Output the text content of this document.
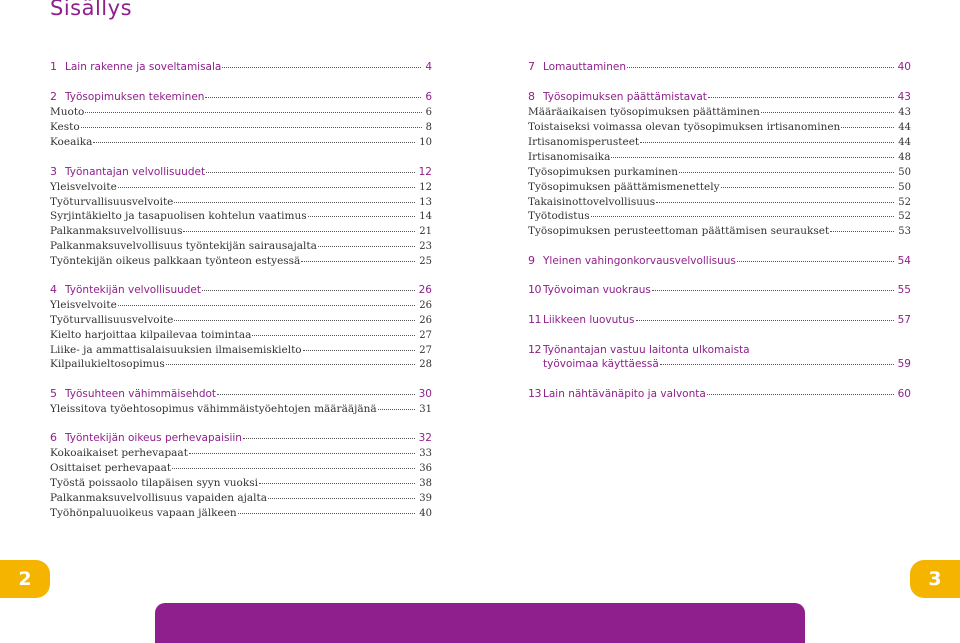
Sisällys
1 Lain rakenne ja soveltamisala	4
2 Työsopimuksen tekeminen	6
Muoto	6
Kesto	8
Koeaika	10
3 Työnantajan velvollisuudet	12
Yleisvelvoite	12
Työturvallisuusvelvoite	13
Syrjintäkielto ja tasapuolisen kohtelun vaatimus	14
Palkanmaksuvelvollisuus	21
Palkanmaksuvelvollisuus työntekijän sairausajalta	23
Työntekijän oikeus palkkaan työnteon estyessä	25
4 Työntekijän velvollisuudet	26
Yleisvelvoite	26
Työturvallisuusvelvoite	26
Kielto harjoittaa kilpailevaa toimintaa	27
Liike- ja ammattisalaisuuksien ilmaisemiskielto	27
Kilpailukieltosopimus	28
5 Työsuhteen vähimmäisehdot	30
Yleissitova työehtosopimus vähimmäistyöehtojen määrääjänä	31
6 Työntekijän oikeus perhevapaisiin	32
Kokoaikaiset perhevapaat	33
Osittaiset perhevapaat	36
Työstä poissaolo tilapäisen syyn vuoksi	38
Palkanmaksuvelvollisuus vapaiden ajalta	39
Työhönpaluuoikeus vapaan jälkeen	40
7 Lomauttaminen	40
8 Työsopimuksen päättämistavat	43
Määräaikaisen työsopimuksen päättäminen	43
Toistaiseksi voimassa olevan työsopimuksen irtisanominen	44
Irtisanomisperusteet	44
Irtisanomisaika	48
Työsopimuksen purkaminen	50
Työsopimuksen päättämismenettely	50
Takaisinottovelvollisuus	52
Työtodistus	52
Työsopimuksen perusteettoman päättämisen seuraukset	53
9 Yleinen vahingonkorvausvelvollisuus	54
10 Työvoiman vuokraus	55
11 Liikkeen luovutus	57
12 Työnantajan vastuu laitonta ulkomaista
työvoimaa käyttäessä	59
13 Lain nähtävänäpito ja valvonta	60
2	3
